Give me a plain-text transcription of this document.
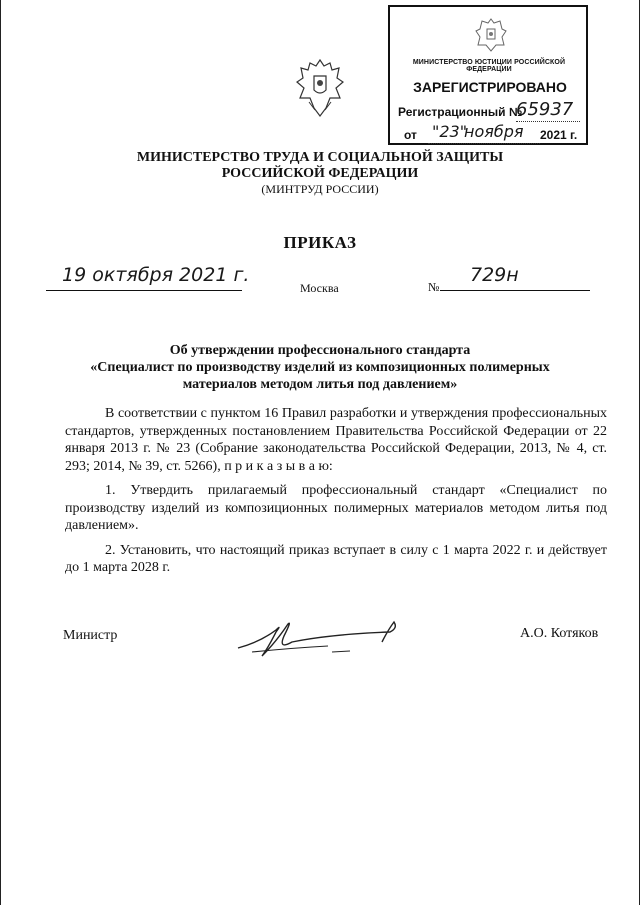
МИНИСТЕРСТВО ЮСТИЦИИ РОССИЙСКОЙ ФЕДЕРАЦИИ
ЗАРЕГИСТРИРОВАНО
Регистрационный №
65937
от "23"
ноября 2021 г.
МИНИСТЕРСТВО ТРУДА И СОЦИАЛЬНОЙ ЗАЩИТЫ
РОССИЙСКОЙ ФЕДЕРАЦИИ
(МИНТРУД РОССИИ)
ПРИКАЗ
19 октября 2021 г.
Москва	№
729н
Об утверждении профессионального стандарта
«Специалист по производству изделий из композиционных полимерных
материалов методом литья под давлением»

В соответствии с пунктом 16 Правил разработки и утверждения профессиональных стандартов, утвержденных постановлением Правительства Российской Федерации от 22 января 2013 г. № 23 (Собрание законодательства Российской Федерации, 2013, № 4, ст. 293; 2014, № 39, ст. 5266), п р и к а з ы в а ю:

1. Утвердить прилагаемый профессиональный стандарт «Специалист по производству изделий из композиционных полимерных материалов методом литья под давлением».

2. Установить, что настоящий приказ вступает в силу с 1 марта 2022 г. и действует до 1 марта 2028 г.

Министр	А.О. Котяков
